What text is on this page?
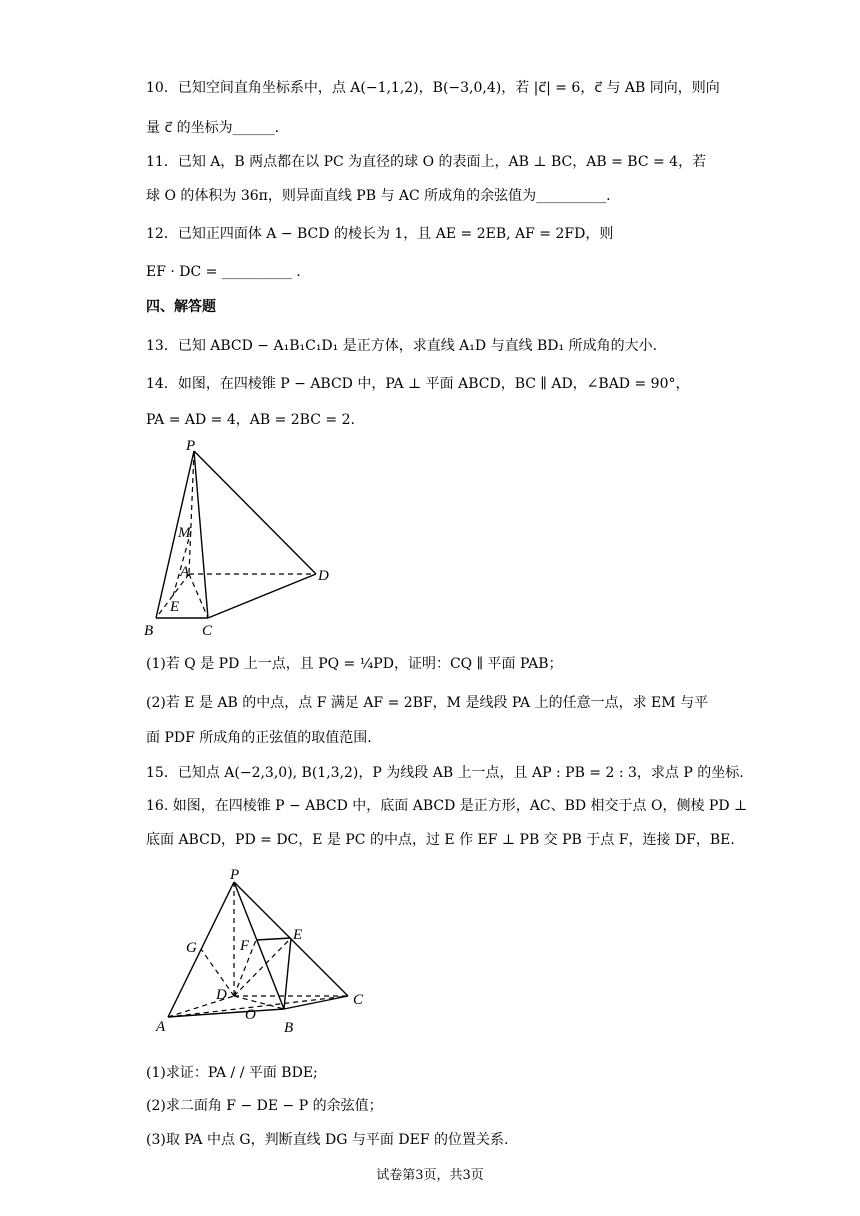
10．已知空间直角坐标系中，点 A(−1,1,2)，B(−3,0,4)，若 |c⃗| = 6，c⃗ 与 AB 同向，则向
量 c⃗ 的坐标为______.
11．已知 A，B 两点都在以 PC 为直径的球 O 的表面上，AB ⊥ BC，AB = BC = 4，若
球 O 的体积为 36π，则异面直线 PB 与 AC 所成角的余弦值为__________.
12．已知正四面体 A − BCD 的棱长为 1，且 AE = 2EB, AF = 2FD，则
EF · DC = __________ .
四、解答题
13．已知 ABCD − A₁B₁C₁D₁ 是正方体，求直线 A₁D 与直线 BD₁ 所成角的大小.
14．如图，在四棱锥 P − ABCD 中，PA ⊥ 平面 ABCD，BC ∥ AD，∠BAD = 90°，
PA = AD = 4，AB = 2BC = 2.
P
M
A	D
E
B	C
(1)若 Q 是 PD 上一点，且 PQ = ¼PD，证明：CQ ∥ 平面 PAB；
(2)若 E 是 AB 的中点，点 F 满足 AF = 2BF，M 是线段 PA 上的任意一点，求 EM 与平
面 PDF 所成角的正弦值的取值范围.
15．已知点 A(−2,3,0), B(1,3,2)，P 为线段 AB 上一点，且 AP : PB = 2 : 3，求点 P 的坐标.
16. 如图，在四棱锥 P − ABCD 中，底面 ABCD 是正方形，AC、BD 相交于点 O，侧棱 PD ⊥
底面 ABCD，PD = DC，E 是 PC 的中点，过 E 作 EF ⊥ PB 交 PB 于点 F，连接 DF，BE.
P
G	F
E
D	C
O
A	B
(1)求证：PA / / 平面 BDE;
(2)求二面角 F − DE − P 的余弦值；
(3)取 PA 中点 G，判断直线 DG 与平面 DEF 的位置关系.
试卷第3页，共3页
